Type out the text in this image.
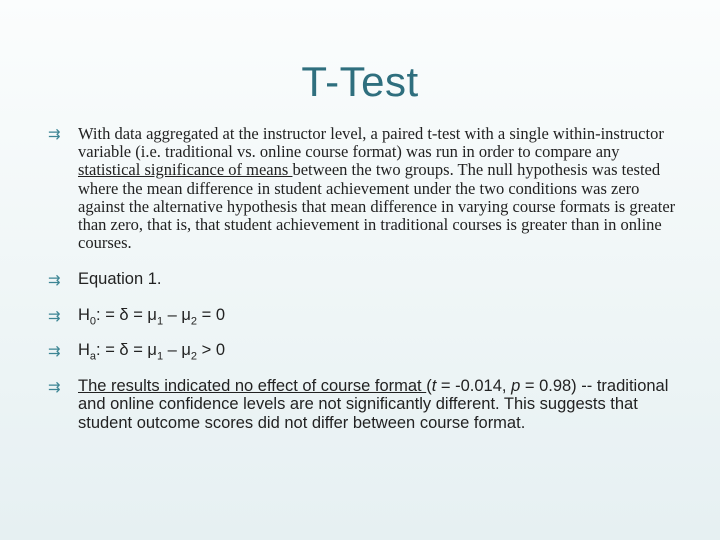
T-Test
⇉ With data aggregated at the instructor level, a paired t-test with a single within-instructor variable (i.e. traditional vs. online course format) was run in order to compare any statistical significance of means between the two groups. The null hypothesis was tested where the mean difference in student achievement under the two conditions was zero against the alternative hypothesis that mean difference in varying course formats is greater than zero, that is, that student achievement in traditional courses is greater than in online courses.
⇉ Equation 1.
⇉ $H_0$: = $\delta = \mu_1 - \mu_2 = 0$
⇉ $H_a$: = $\delta = \mu_1 - \mu_2 > 0$
⇉ The results indicated no effect of course format (t = -0.014, p = 0.98) -- traditional and online confidence levels are not significantly different. This suggests that student outcome scores did not differ between course format.
